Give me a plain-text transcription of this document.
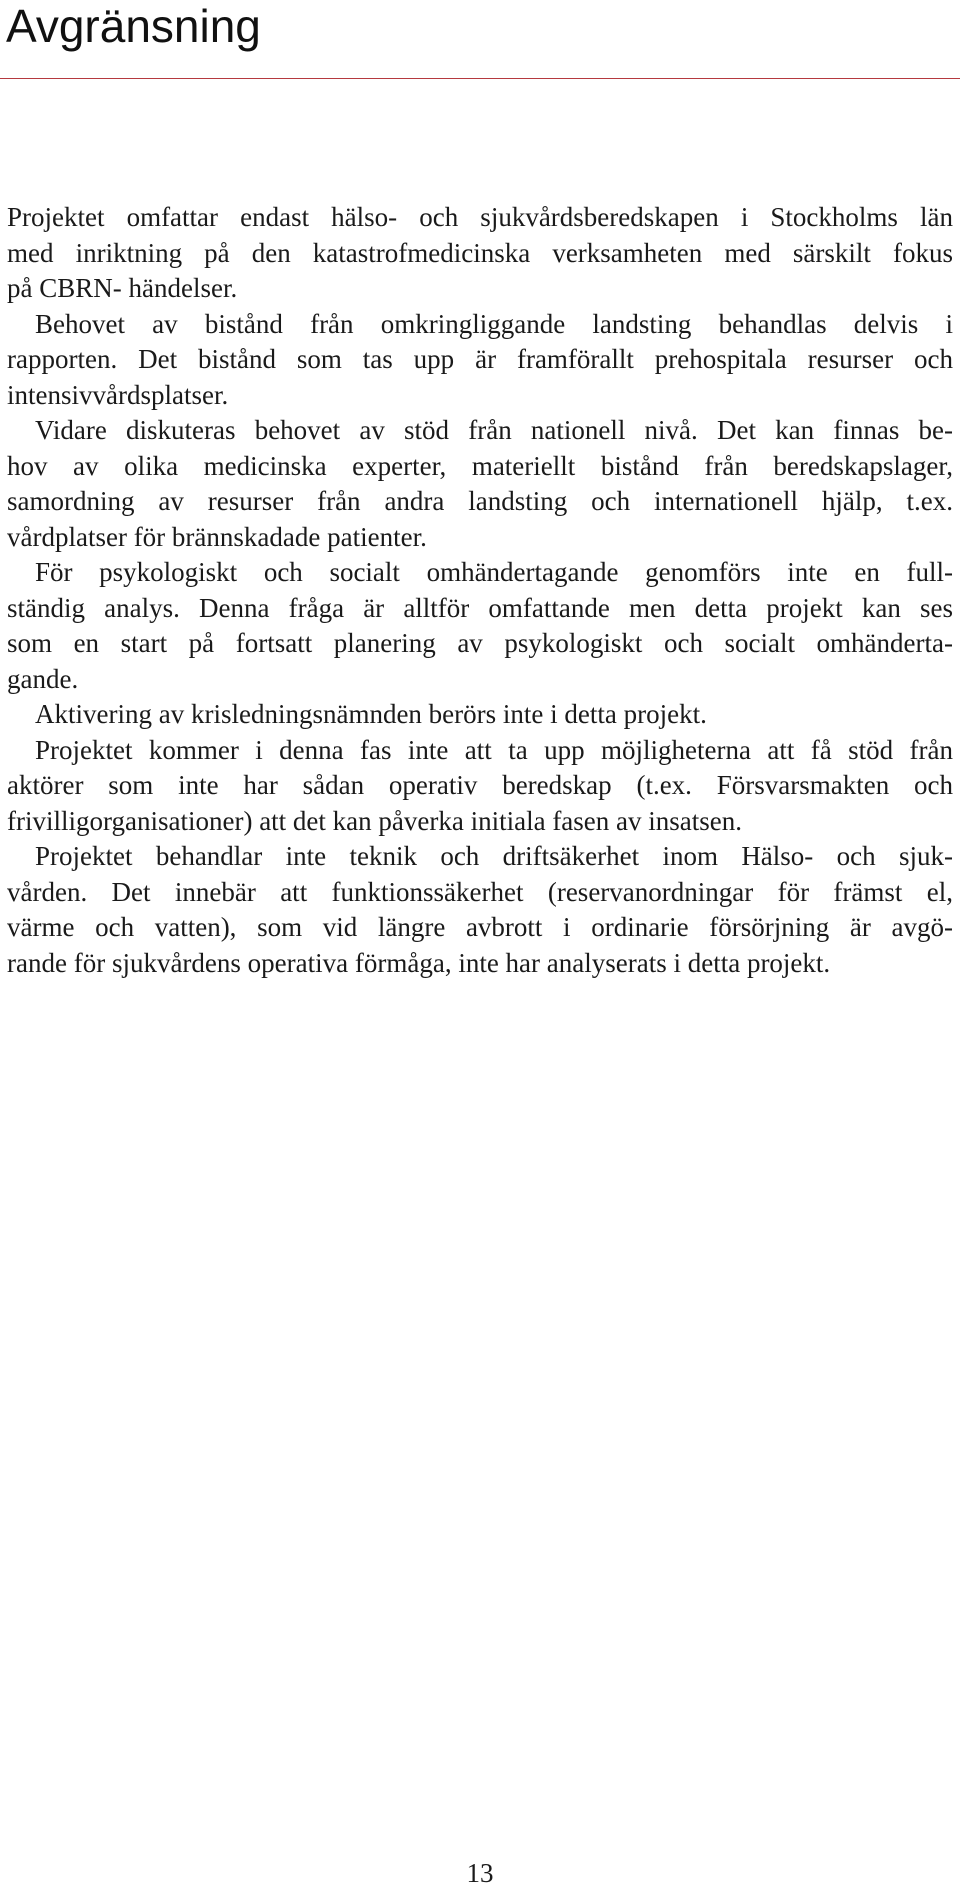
Avgränsning

Projektet omfattar endast hälso- och sjukvårdsberedskapen i Stockholms län
med inriktning på den katastrofmedicinska verksamheten med särskilt fokus
på CBRN- händelser.

Behovet av bistånd från omkringliggande landsting behandlas delvis i
rapporten. Det bistånd som tas upp är framförallt prehospitala resurser och
intensivvårdsplatser.

Vidare diskuteras behovet av stöd från nationell nivå. Det kan finnas be-
hov av olika medicinska experter, materiellt bistånd från beredskapslager,
samordning av resurser från andra landsting och internationell hjälp, t.ex.
vårdplatser för brännskadade patienter.

För psykologiskt och socialt omhändertagande genomförs inte en full-
ständig analys. Denna fråga är alltför omfattande men detta projekt kan ses
som en start på fortsatt planering av psykologiskt och socialt omhänderta-
gande.

Aktivering av krisledningsnämnden berörs inte i detta projekt.

Projektet kommer i denna fas inte att ta upp möjligheterna att få stöd från
aktörer som inte har sådan operativ beredskap (t.ex. Försvarsmakten och
frivilligorganisationer) att det kan påverka initiala fasen av insatsen.

Projektet behandlar inte teknik och driftsäkerhet inom Hälso- och sjuk-
vården. Det innebär att funktionssäkerhet (reservanordningar för främst el,
värme och vatten), som vid längre avbrott i ordinarie försörjning är avgö-
rande för sjukvårdens operativa förmåga, inte har analyserats i detta projekt.

13
